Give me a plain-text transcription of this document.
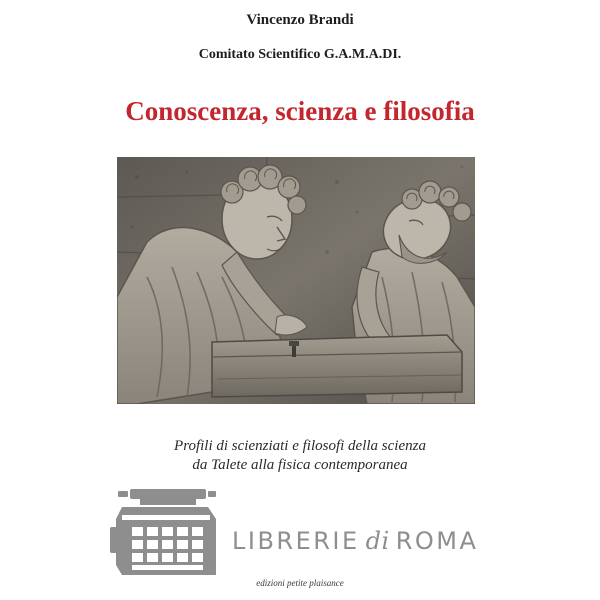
Vincenzo Brandi
Comitato Scientifico G.A.M.A.DI.
Conoscenza, scienza e filosofia
Profili di scienziati e filosofi della scienza
da Talete alla fisica contemporanea
LIBRERIE di ROMA
edizioni petite plaisance
